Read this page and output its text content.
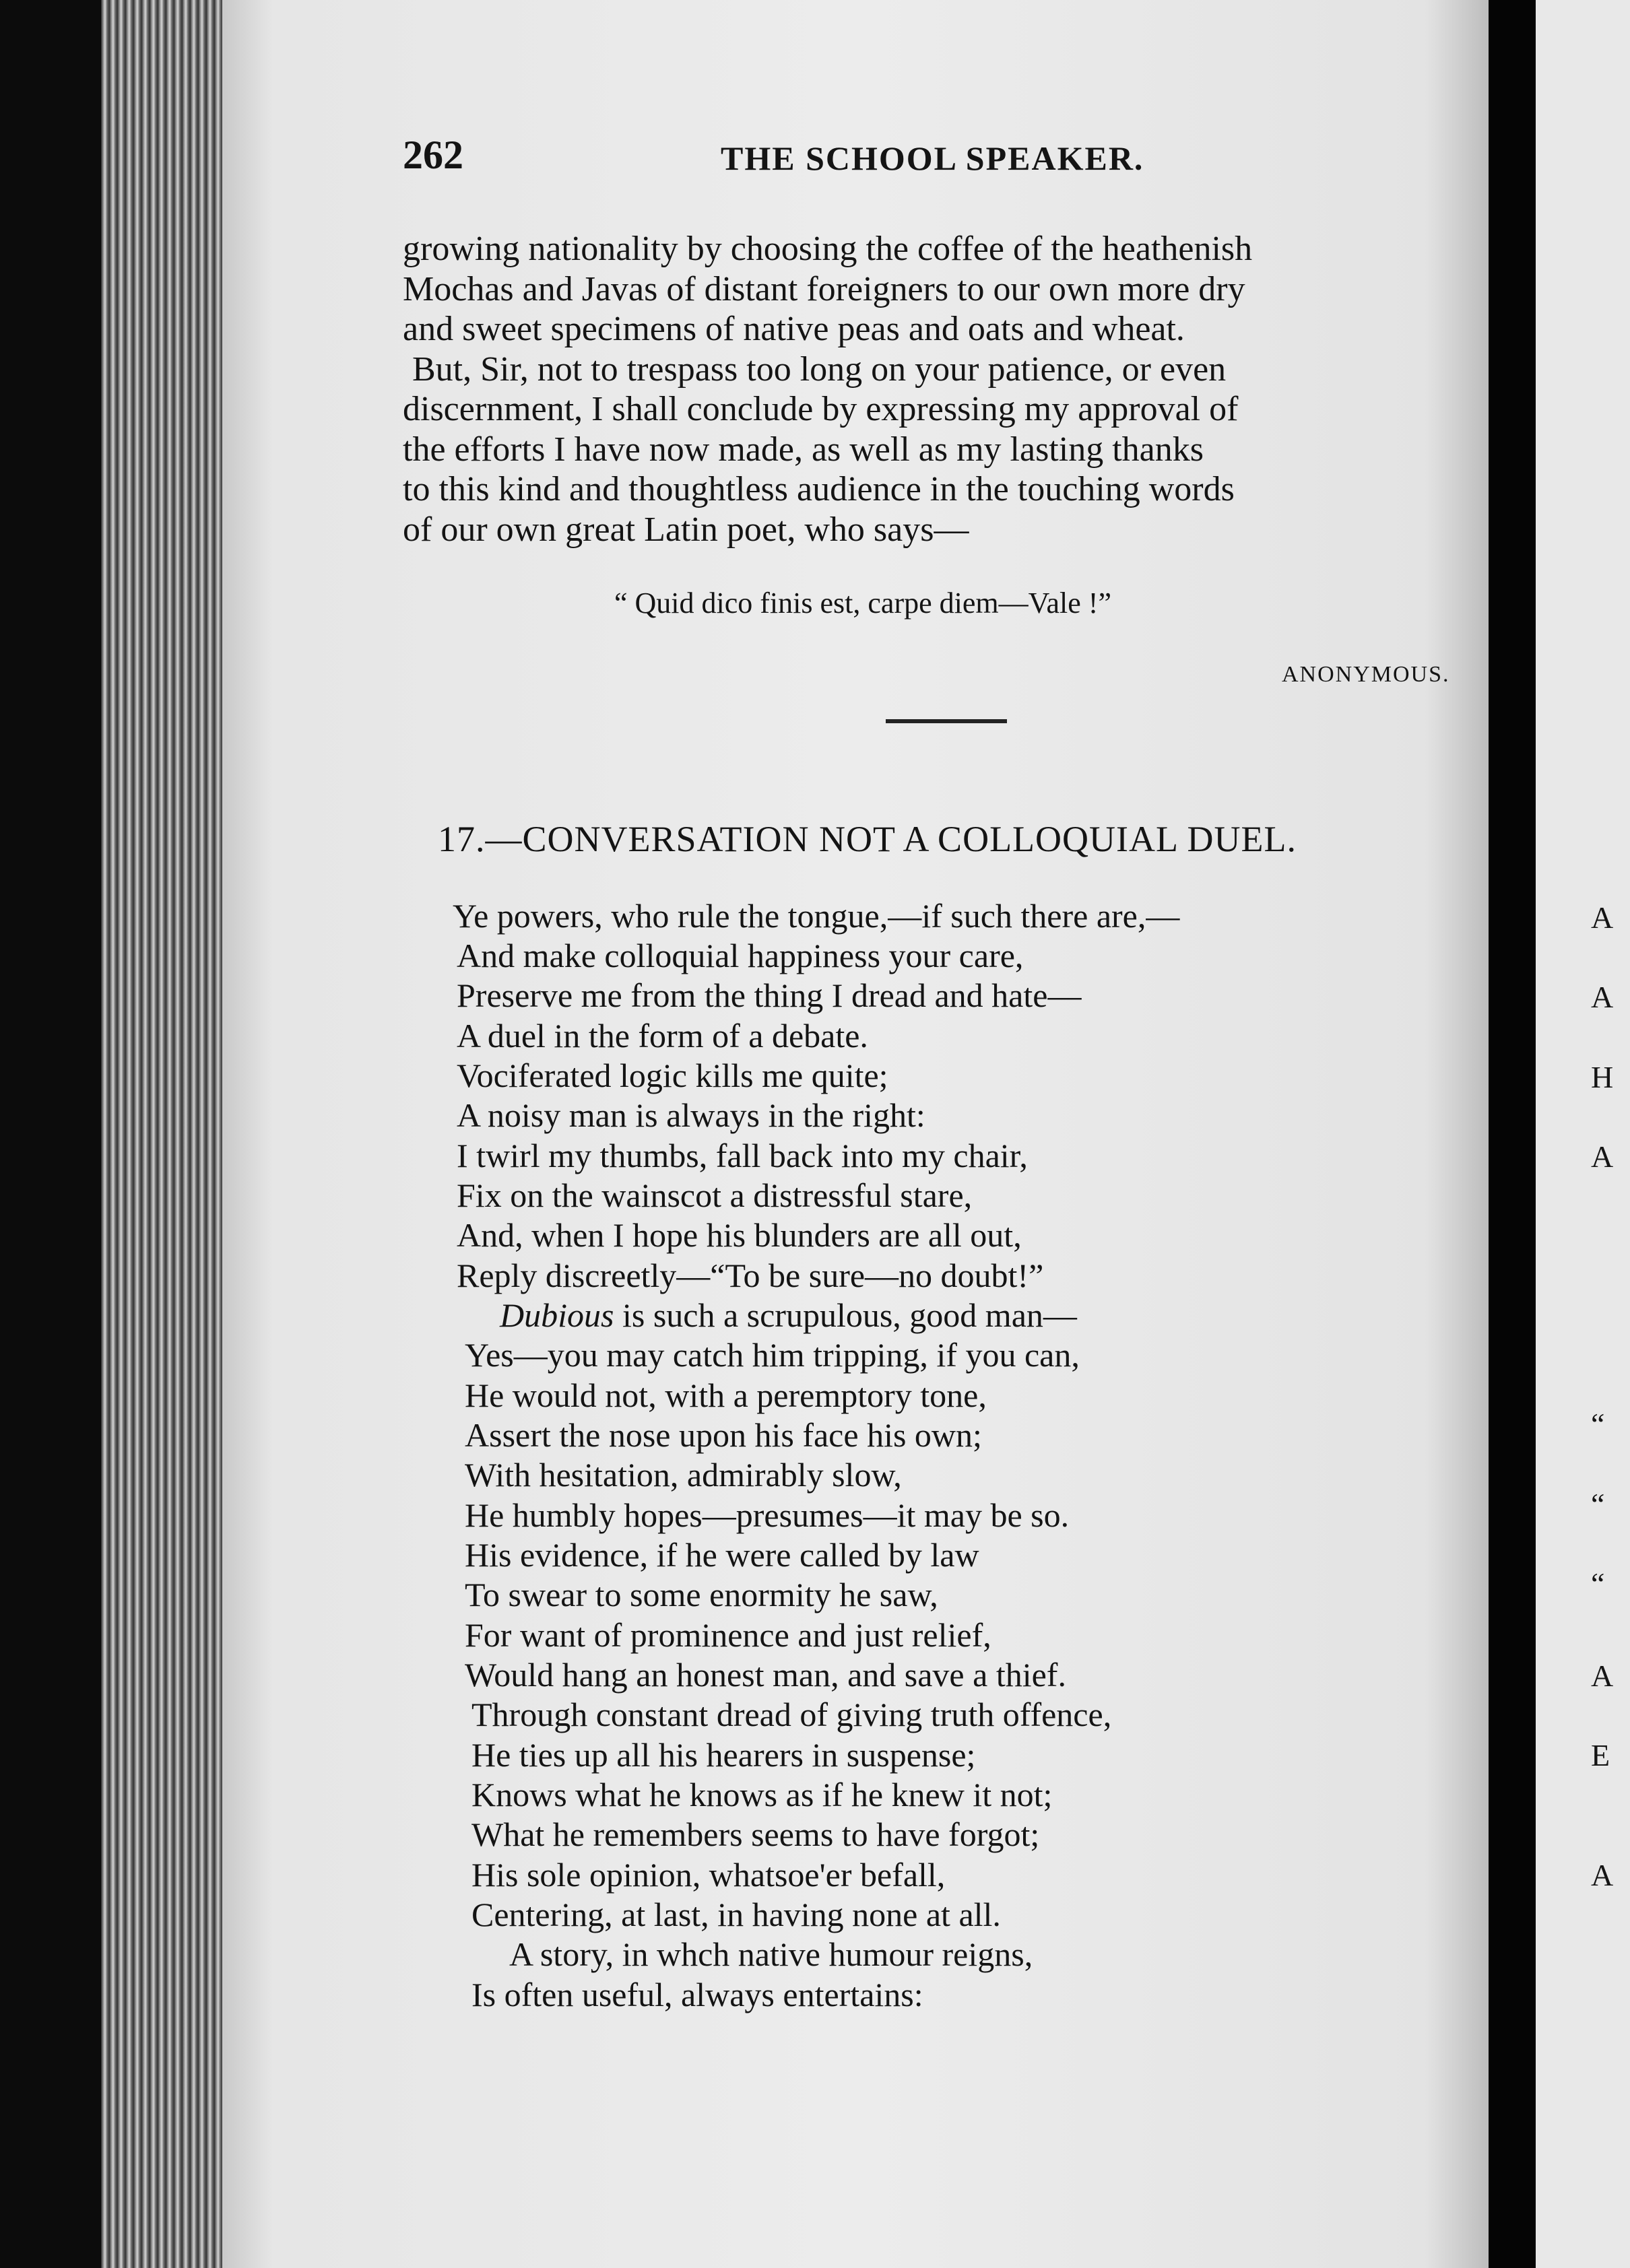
262	THE SCHOOL SPEAKER.
growing nationality by choosing the coffee of the heathenish
Mochas and Javas of distant foreigners to our own more dry
and sweet specimens of native peas and oats and wheat.
But, Sir, not to trespass too long on your patience, or even
discernment, I shall conclude by expressing my approval of
the efforts I have now made, as well as my lasting thanks
to this kind and thoughtless audience in the touching words
of our own great Latin poet, who says—
“ Quid dico finis est, carpe diem—Vale !”
ANONYMOUS.
17.—CONVERSATION NOT A COLLOQUIAL DUEL.
Ye powers, who rule the tongue,—if such there are,—
And make colloquial happiness your care,
Preserve me from the thing I dread and hate—
A duel in the form of a debate.
Vociferated logic kills me quite;
A noisy man is always in the right:
I twirl my thumbs, fall back into my chair,
Fix on the wainscot a distressful stare,
And, when I hope his blunders are all out,
Reply discreetly—“To be sure—no doubt!”
Dubious is such a scrupulous, good man—
Yes—you may catch him tripping, if you can,
He would not, with a peremptory tone,
Assert the nose upon his face his own;
With hesitation, admirably slow,
He humbly hopes—presumes—it may be so.
His evidence, if he were called by law
To swear to some enormity he saw,
For want of prominence and just relief,
Would hang an honest man, and save a thief.
Through constant dread of giving truth offence,
He ties up all his hearers in suspense;
Knows what he knows as if he knew it not;
What he remembers seems to have forgot;
His sole opinion, whatsoe'er befall,
Centering, at last, in having none at all.
A story, in whch native humour reigns,
Is often useful, always entertains:
A
A
H
A
“
“
“
A
E
A
